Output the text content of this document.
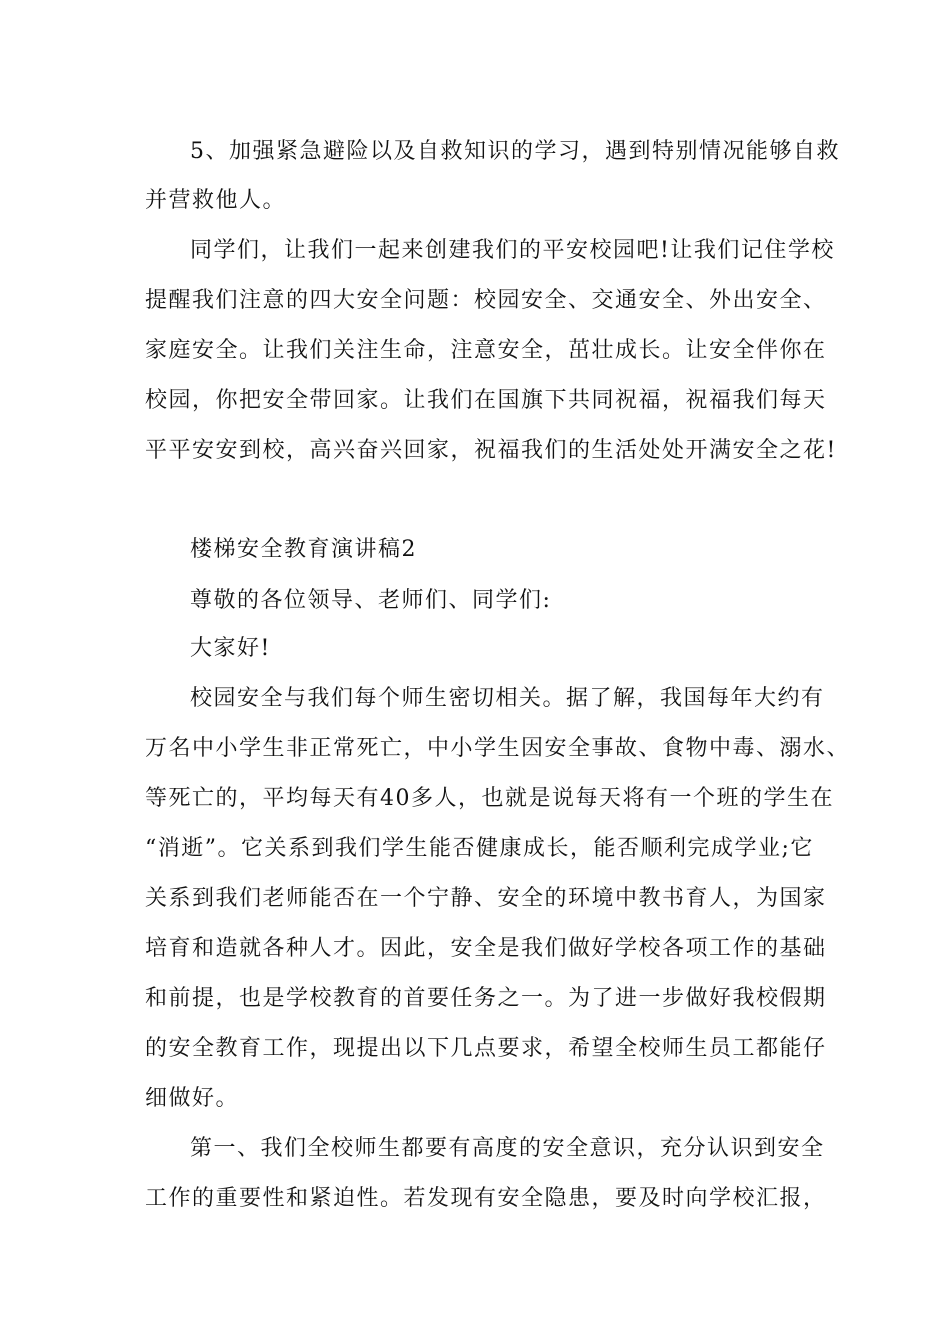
5、加强紧急避险以及自救知识的学习，遇到特别情况能够自救
并营救他人。
同学们，让我们一起来创建我们的平安校园吧!让我们记住学校
提醒我们注意的四大安全问题：校园安全、交通安全、外出安全、
家庭安全。让我们关注生命，注意安全，茁壮成长。让安全伴你在
校园，你把安全带回家。让我们在国旗下共同祝福，祝福我们每天
平平安安到校，高兴奋兴回家，祝福我们的生活处处开满安全之花!
楼梯安全教育演讲稿2
尊敬的各位领导、老师们、同学们:
大家好!
校园安全与我们每个师生密切相关。据了解，我国每年大约有
万名中小学生非正常死亡，中小学生因安全事故、食物中毒、溺水、
等死亡的，平均每天有40多人，也就是说每天将有一个班的学生在
“消逝”。它关系到我们学生能否健康成长，能否顺利完成学业;它
关系到我们老师能否在一个宁静、安全的环境中教书育人，为国家
培育和造就各种人才。因此，安全是我们做好学校各项工作的基础
和前提，也是学校教育的首要任务之一。为了进一步做好我校假期
的安全教育工作，现提出以下几点要求，希望全校师生员工都能仔
细做好。
第一、我们全校师生都要有高度的安全意识，充分认识到安全
工作的重要性和紧迫性。若发现有安全隐患，要及时向学校汇报，
